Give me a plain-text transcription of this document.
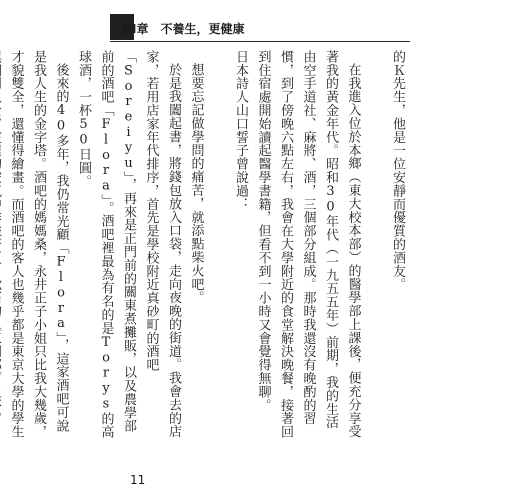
第Ⅰ章　不養生，更健康

的Ｋ先生，他是一位安靜而優質的酒友。

在我進入位於本鄉（東大校本部）的醫學部上課後，便充分享受著我的黃金年代。昭和30年代（一九五五年）前期，我的生活由空手道社、麻將、酒，三個部分組成。那時我還沒有晚酌的習慣，到了傍晚六點左右，我會在大學附近的食堂解決晚餐，接著回到住宿處開始讀起醫學書籍，但看不到一小時又會覺得無聊。

日本詩人山口誓子曾說過：

想要忘記做學問的痛苦，就添點柴火吧。

於是我闔起書，將錢包放入口袋，走向夜晚的街道。我會去的店家，若用店家年代排序，首先是學校附近真砂町的酒吧「Soreiyu」，再來是正門前的關東煮攤販，以及農學部前的酒吧「Flora」。酒吧裡最為有名的是Torys的高球酒，一杯50日圓。

後來的40多年，我仍常光顧「Flora」，這家酒吧可說是我人生的金字塔。酒吧的媽媽桑，永井正子小姐只比我大幾歲，才貌雙全，還懂得繪畫。而酒吧的客人也幾乎都是東京大學的學生

11
